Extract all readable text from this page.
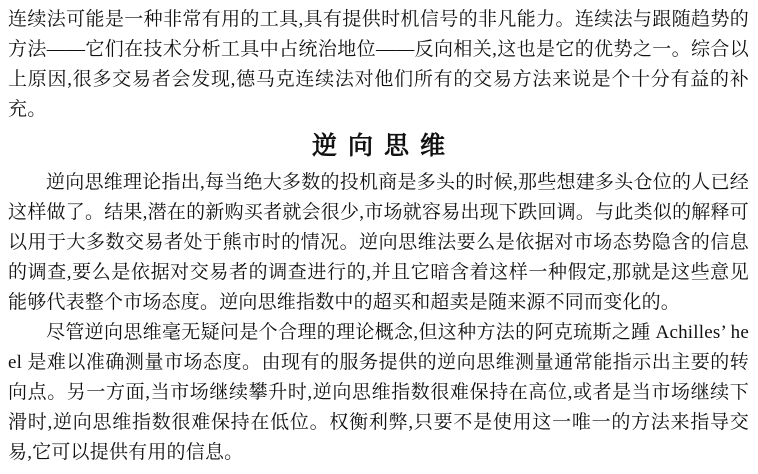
连续法可能是一种非常有用的工具,具有提供时机信号的非凡能力。连续法与跟随趋势的方法——它们在技术分析工具中占统治地位——反向相关,这也是它的优势之一。综合以上原因,很多交易者会发现,德马克连续法对他们所有的交易方法来说是个十分有益的补充。

逆向思维

逆向思维理论指出,每当绝大多数的投机商是多头的时候,那些想建多头仓位的人已经这样做了。结果,潜在的新购买者就会很少,市场就容易出现下跌回调。与此类似的解释可以用于大多数交易者处于熊市时的情况。逆向思维法要么是依据对市场态势隐含的信息的调查,要么是依据对交易者的调查进行的,并且它暗含着这样一种假定,那就是这些意见能够代表整个市场态度。逆向思维指数中的超买和超卖是随来源不同而变化的。

尽管逆向思维毫无疑问是个合理的理论概念,但这种方法的阿克琉斯之踵 Achilles’ heel 是难以准确测量市场态度。由现有的服务提供的逆向思维测量通常能指示出主要的转向点。另一方面,当市场继续攀升时,逆向思维指数很难保持在高位,或者是当市场继续下滑时,逆向思维指数很难保持在低位。权衡利弊,只要不是使用这一唯一的方法来指导交易,它可以提供有用的信息。
